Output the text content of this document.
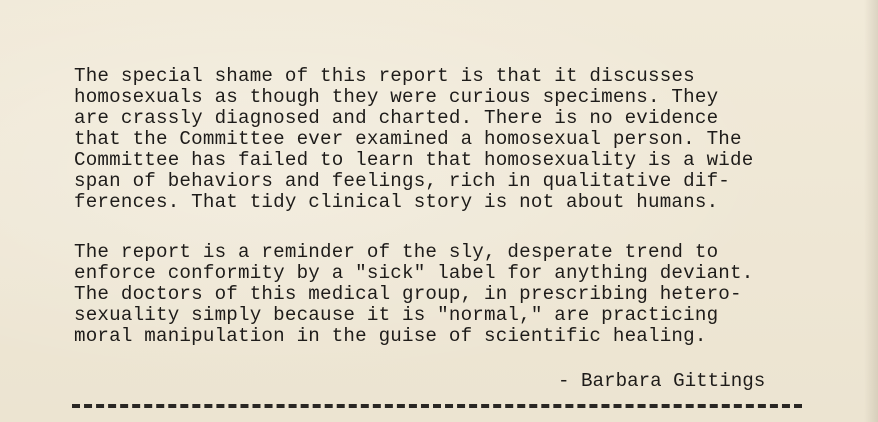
The special shame of this report is that it discusses
homosexuals as though they were curious specimens. They
are crassly diagnosed and charted. There is no evidence
that the Committee ever examined a homosexual person. The
Committee has failed to learn that homosexuality is a wide
span of behaviors and feelings, rich in qualitative dif-
ferences. That tidy clinical story is not about humans.
The report is a reminder of the sly, desperate trend to
enforce conformity by a "sick" label for anything deviant.
The doctors of this medical group, in prescribing hetero-
sexuality simply because it is "normal," are practicing
moral manipulation in the guise of scientific healing.
- Barbara Gittings
